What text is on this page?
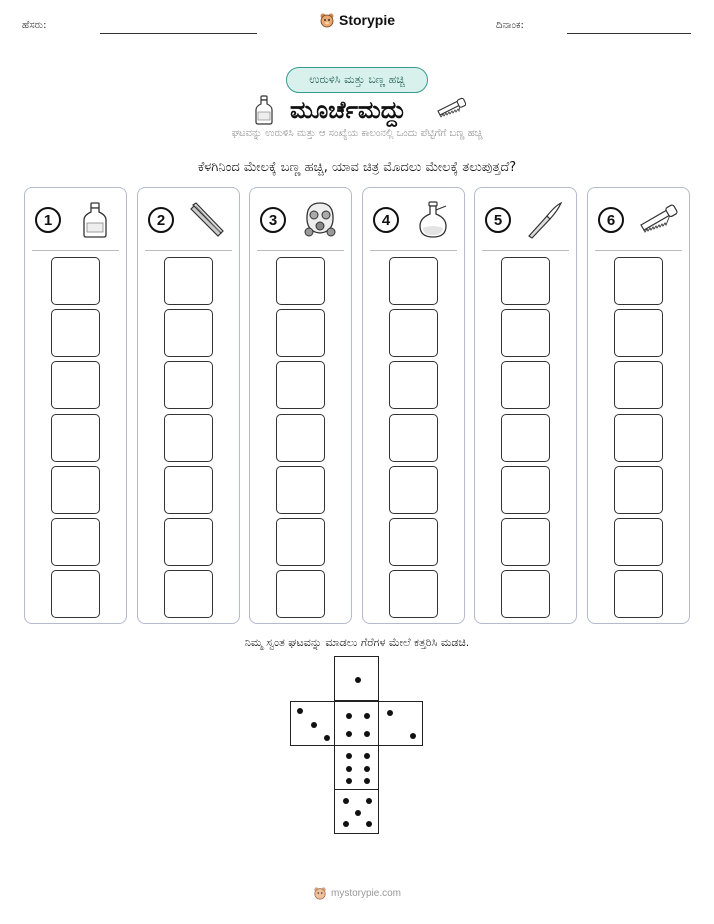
ಹೆಸರು:	Storypie	ದಿನಾಂಕ:
ಉರುಳಿಸಿ ಮತ್ತು ಬಣ್ಣ ಹಚ್ಚಿ
ಮೂರ್ಚೆಮದ್ದು
ಘಟವನ್ನು ಉರುಳಿಸಿ ಮತ್ತು ಆ ಸಂಖ್ಯೆಯ ಕಾಲಂನಲ್ಲಿ ಒಂದು ಪೆಟ್ಟಿಗೆಗೆ ಬಣ್ಣ ಹಚ್ಚಿ
ಕೆಳಗಿನಿಂದ ಮೇಲಕ್ಕೆ ಬಣ್ಣ ಹಚ್ಚಿ, ಯಾವ ಚಿತ್ರ ಮೊದಲು ಮೇಲಕ್ಕೆ ತಲುಪುತ್ತದೆ?
1	2	3	4	5	6
ನಿಮ್ಮ ಸ್ವಂತ ಘಟವನ್ನು ಮಾಡಲು ಗೆರೆಗಳ ಮೇಲೆ ಕತ್ತರಿಸಿ ಮಡಚಿ.
mystorypie.com
